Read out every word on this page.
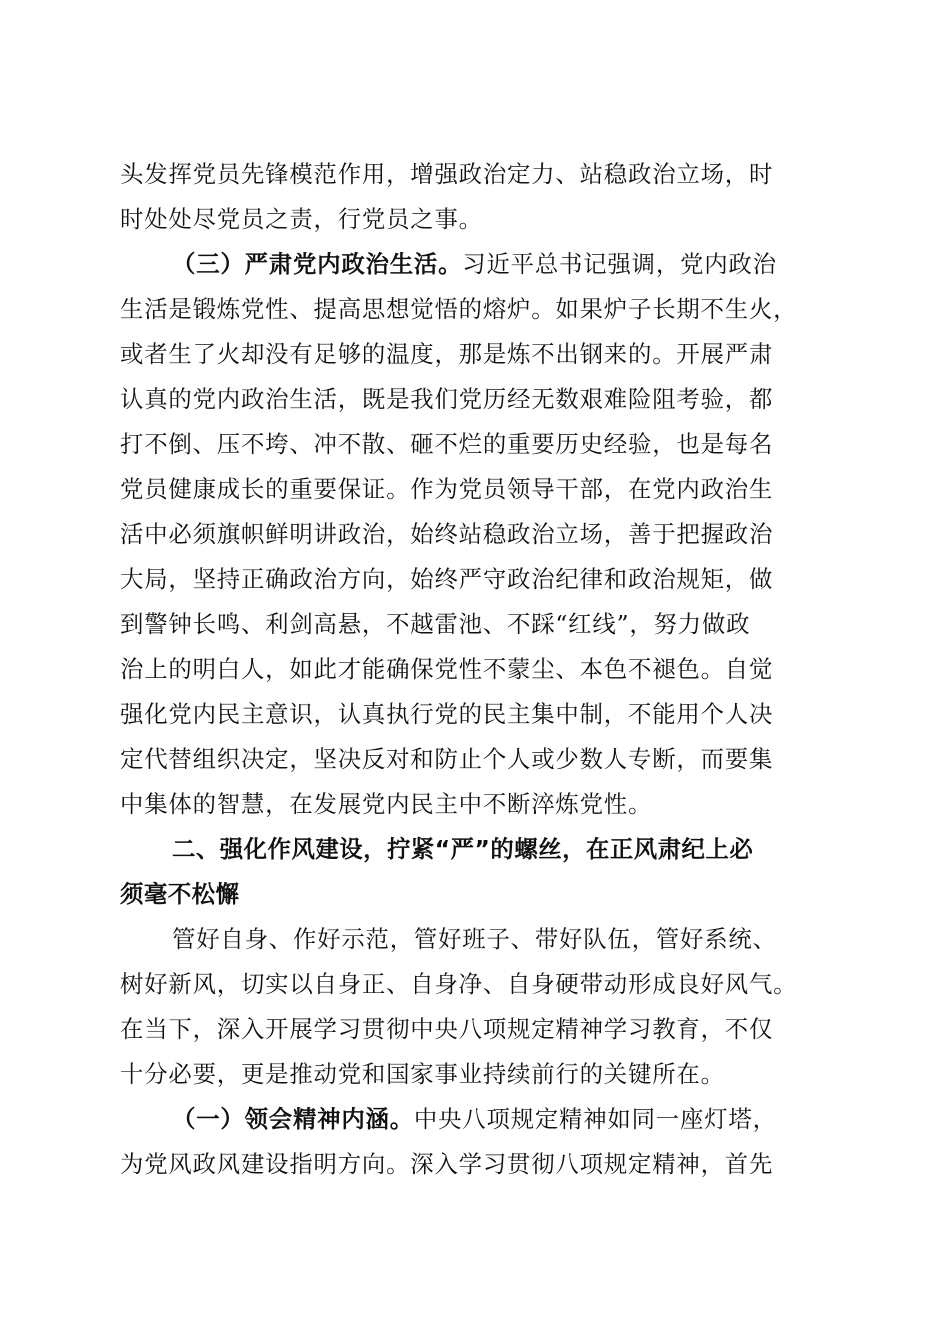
头发挥党员先锋模范作用，增强政治定力、站稳政治立场，时
时处处尽党员之责，行党员之事。
（三）严肃党内政治生活。习近平总书记强调，党内政治
生活是锻炼党性、提高思想觉悟的熔炉。如果炉子长期不生火，
或者生了火却没有足够的温度，那是炼不出钢来的。开展严肃
认真的党内政治生活，既是我们党历经无数艰难险阻考验，都
打不倒、压不垮、冲不散、砸不烂的重要历史经验，也是每名
党员健康成长的重要保证。作为党员领导干部，在党内政治生
活中必须旗帜鲜明讲政治，始终站稳政治立场，善于把握政治
大局，坚持正确政治方向，始终严守政治纪律和政治规矩，做
到警钟长鸣、利剑高悬，不越雷池、不踩“红线”，努力做政
治上的明白人，如此才能确保党性不蒙尘、本色不褪色。自觉
强化党内民主意识，认真执行党的民主集中制，不能用个人决
定代替组织决定，坚决反对和防止个人或少数人专断，而要集
中集体的智慧，在发展党内民主中不断淬炼党性。
二、强化作风建设，拧紧“严”的螺丝，在正风肃纪上必
须毫不松懈
管好自身、作好示范，管好班子、带好队伍，管好系统、
树好新风，切实以自身正、自身净、自身硬带动形成良好风气。
在当下，深入开展学习贯彻中央八项规定精神学习教育，不仅
十分必要，更是推动党和国家事业持续前行的关键所在。
（一）领会精神内涵。中央八项规定精神如同一座灯塔，
为党风政风建设指明方向。深入学习贯彻八项规定精神，首先
